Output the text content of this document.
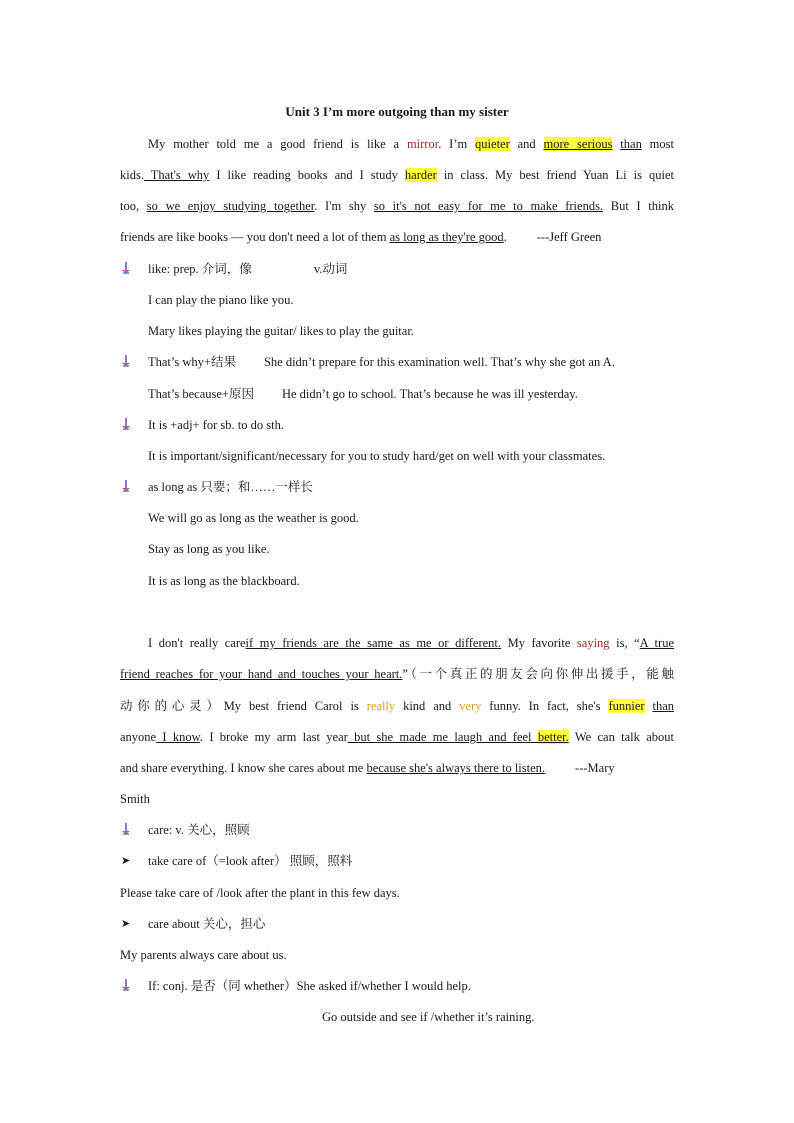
Unit 3 I’m more outgoing than my sister
My mother told me a good friend is like a mirror. I’m quieter and more serious than most
kids. That's why I like reading books and I study harder in class. My best friend Yuan Li is quiet
too, so we enjoy studying together. I'm shy so it's not easy for me to make friends. But I think
friends are like books — you don't need a lot of them as long as they're good. ---Jeff Green
like: prep. 介词，像	v.动词
I can play the piano like you.
Mary likes playing the guitar/ likes to play the guitar.
That’s why+结果 She didn’t prepare for this examination well. That’s why she got an A.
That’s because+原因 He didn’t go to school. That’s because he was ill yesterday.
It is +adj+ for sb. to do sth.
It is important/significant/necessary for you to study hard/get on well with your classmates.
as long as 只要；和……一样长
We will go as long as the weather is good.
Stay as long as you like.
It is as long as the blackboard.
I don't really careif my friends are the same as me or different. My favorite saying is, “A true
friend reaches for your hand and touches your heart.”（一个真正的朋友会向你伸出援手，能触
动你的心灵）My best friend Carol is really kind and very funny. In fact, she's funnier than
anyone I know. I broke my arm last year but she made me laugh and feel better. We can talk about
and share everything. I know she cares about me because she's always there to listen. ---Mary
Smith
care: v. 关心，照顾
➤ take care of（=look after） 照顾，照料
Please take care of /look after the plant in this few days.
➤ care about 关心，担心
My parents always care about us.
If: conj. 是否（同 whether）She asked if/whether I would help.
Go outside and see if /whether it’s raining.
